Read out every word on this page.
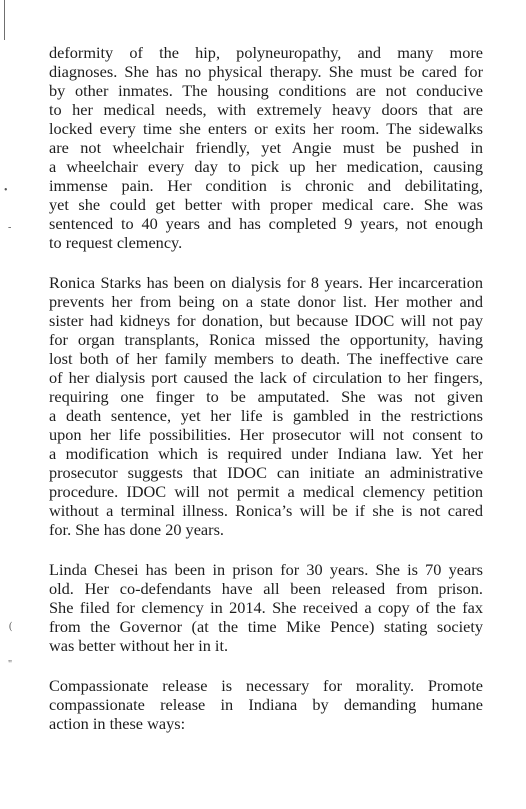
•
-
(
"
deformity of the hip, polyneuropathy, and many more
diagnoses. She has no physical therapy. She must be cared for
by other inmates. The housing conditions are not conducive
to her medical needs, with extremely heavy doors that are
locked every time she enters or exits her room. The sidewalks
are not wheelchair friendly, yet Angie must be pushed in
a wheelchair every day to pick up her medication, causing
immense pain. Her condition is chronic and debilitating,
yet she could get better with proper medical care. She was
sentenced to 40 years and has completed 9 years, not enough
to request clemency.
Ronica Starks has been on dialysis for 8 years. Her incarceration
prevents her from being on a state donor list. Her mother and
sister had kidneys for donation, but because IDOC will not pay
for organ transplants, Ronica missed the opportunity, having
lost both of her family members to death. The ineffective care
of her dialysis port caused the lack of circulation to her fingers,
requiring one finger to be amputated. She was not given
a death sentence, yet her life is gambled in the restrictions
upon her life possibilities. Her prosecutor will not consent to
a modification which is required under Indiana law. Yet her
prosecutor suggests that IDOC can initiate an administrative
procedure. IDOC will not permit a medical clemency petition
without a terminal illness. Ronica’s will be if she is not cared
for. She has done 20 years.
Linda Chesei has been in prison for 30 years. She is 70 years
old. Her co-defendants have all been released from prison.
She filed for clemency in 2014. She received a copy of the fax
from the Governor (at the time Mike Pence) stating society
was better without her in it.
Compassionate release is necessary for morality. Promote
compassionate release in Indiana by demanding humane
action in these ways:
